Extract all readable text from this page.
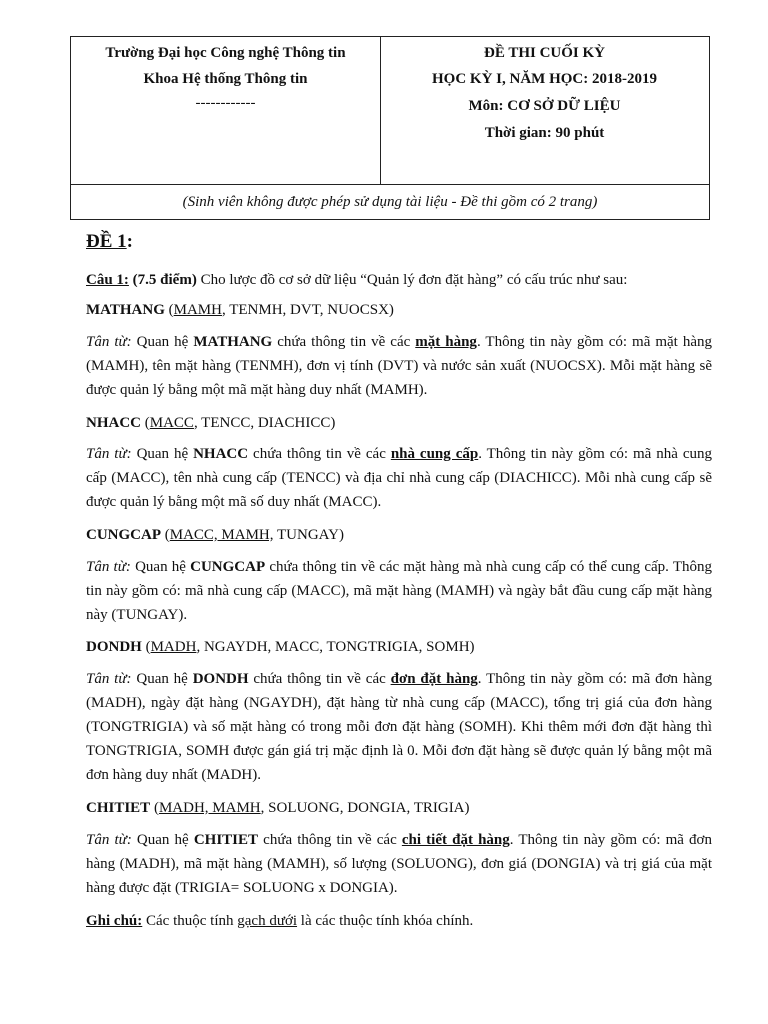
Trường Đại học Công nghệ Thông tin
Khoa Hệ thống Thông tin
------------
ĐỀ THI CUỐI KỲ
HỌC KỲ I, NĂM HỌC: 2018-2019
Môn: CƠ SỞ DỮ LIỆU
Thời gian: 90 phút
(Sinh viên không được phép sử dụng tài liệu - Đề thi gồm có 2 trang)
ĐỀ 1:
Câu 1: (7.5 điểm) Cho lược đồ cơ sở dữ liệu “Quản lý đơn đặt hàng” có cấu trúc như sau:
MATHANG (MAMH, TENMH, DVT, NUOCSX)
Tân từ: Quan hệ MATHANG chứa thông tin về các mặt hàng. Thông tin này gồm có: mã mặt hàng (MAMH), tên mặt hàng (TENMH), đơn vị tính (DVT) và nước sản xuất (NUOCSX). Mỗi mặt hàng sẽ được quản lý bằng một mã mặt hàng duy nhất (MAMH).
NHACC (MACC, TENCC, DIACHICC)
Tân từ: Quan hệ NHACC chứa thông tin về các nhà cung cấp. Thông tin này gồm có: mã nhà cung cấp (MACC), tên nhà cung cấp (TENCC) và địa chỉ nhà cung cấp (DIACHICC). Mỗi nhà cung cấp sẽ được quản lý bằng một mã số duy nhất (MACC).
CUNGCAP (MACC, MAMH, TUNGAY)
Tân từ: Quan hệ CUNGCAP chứa thông tin về các mặt hàng mà nhà cung cấp có thể cung cấp. Thông tin này gồm có: mã nhà cung cấp (MACC), mã mặt hàng (MAMH) và ngày bắt đầu cung cấp mặt hàng này (TUNGAY).
DONDH (MADH, NGAYDH, MACC, TONGTRIGIA, SOMH)
Tân từ: Quan hệ DONDH chứa thông tin về các đơn đặt hàng. Thông tin này gồm có: mã đơn hàng (MADH), ngày đặt hàng (NGAYDH), đặt hàng từ nhà cung cấp (MACC), tổng trị giá của đơn hàng (TONGTRIGIA) và số mặt hàng có trong mỗi đơn đặt hàng (SOMH). Khi thêm mới đơn đặt hàng thì TONGTRIGIA, SOMH được gán giá trị mặc định là 0. Mỗi đơn đặt hàng sẽ được quản lý bằng một mã đơn hàng duy nhất (MADH).
CHITIET (MADH, MAMH, SOLUONG, DONGIA, TRIGIA)
Tân từ: Quan hệ CHITIET chứa thông tin về các chi tiết đặt hàng. Thông tin này gồm có: mã đơn hàng (MADH), mã mặt hàng (MAMH), số lượng (SOLUONG), đơn giá (DONGIA) và trị giá của mặt hàng được đặt (TRIGIA= SOLUONG x DONGIA).
Ghi chú: Các thuộc tính gạch dưới là các thuộc tính khóa chính.
